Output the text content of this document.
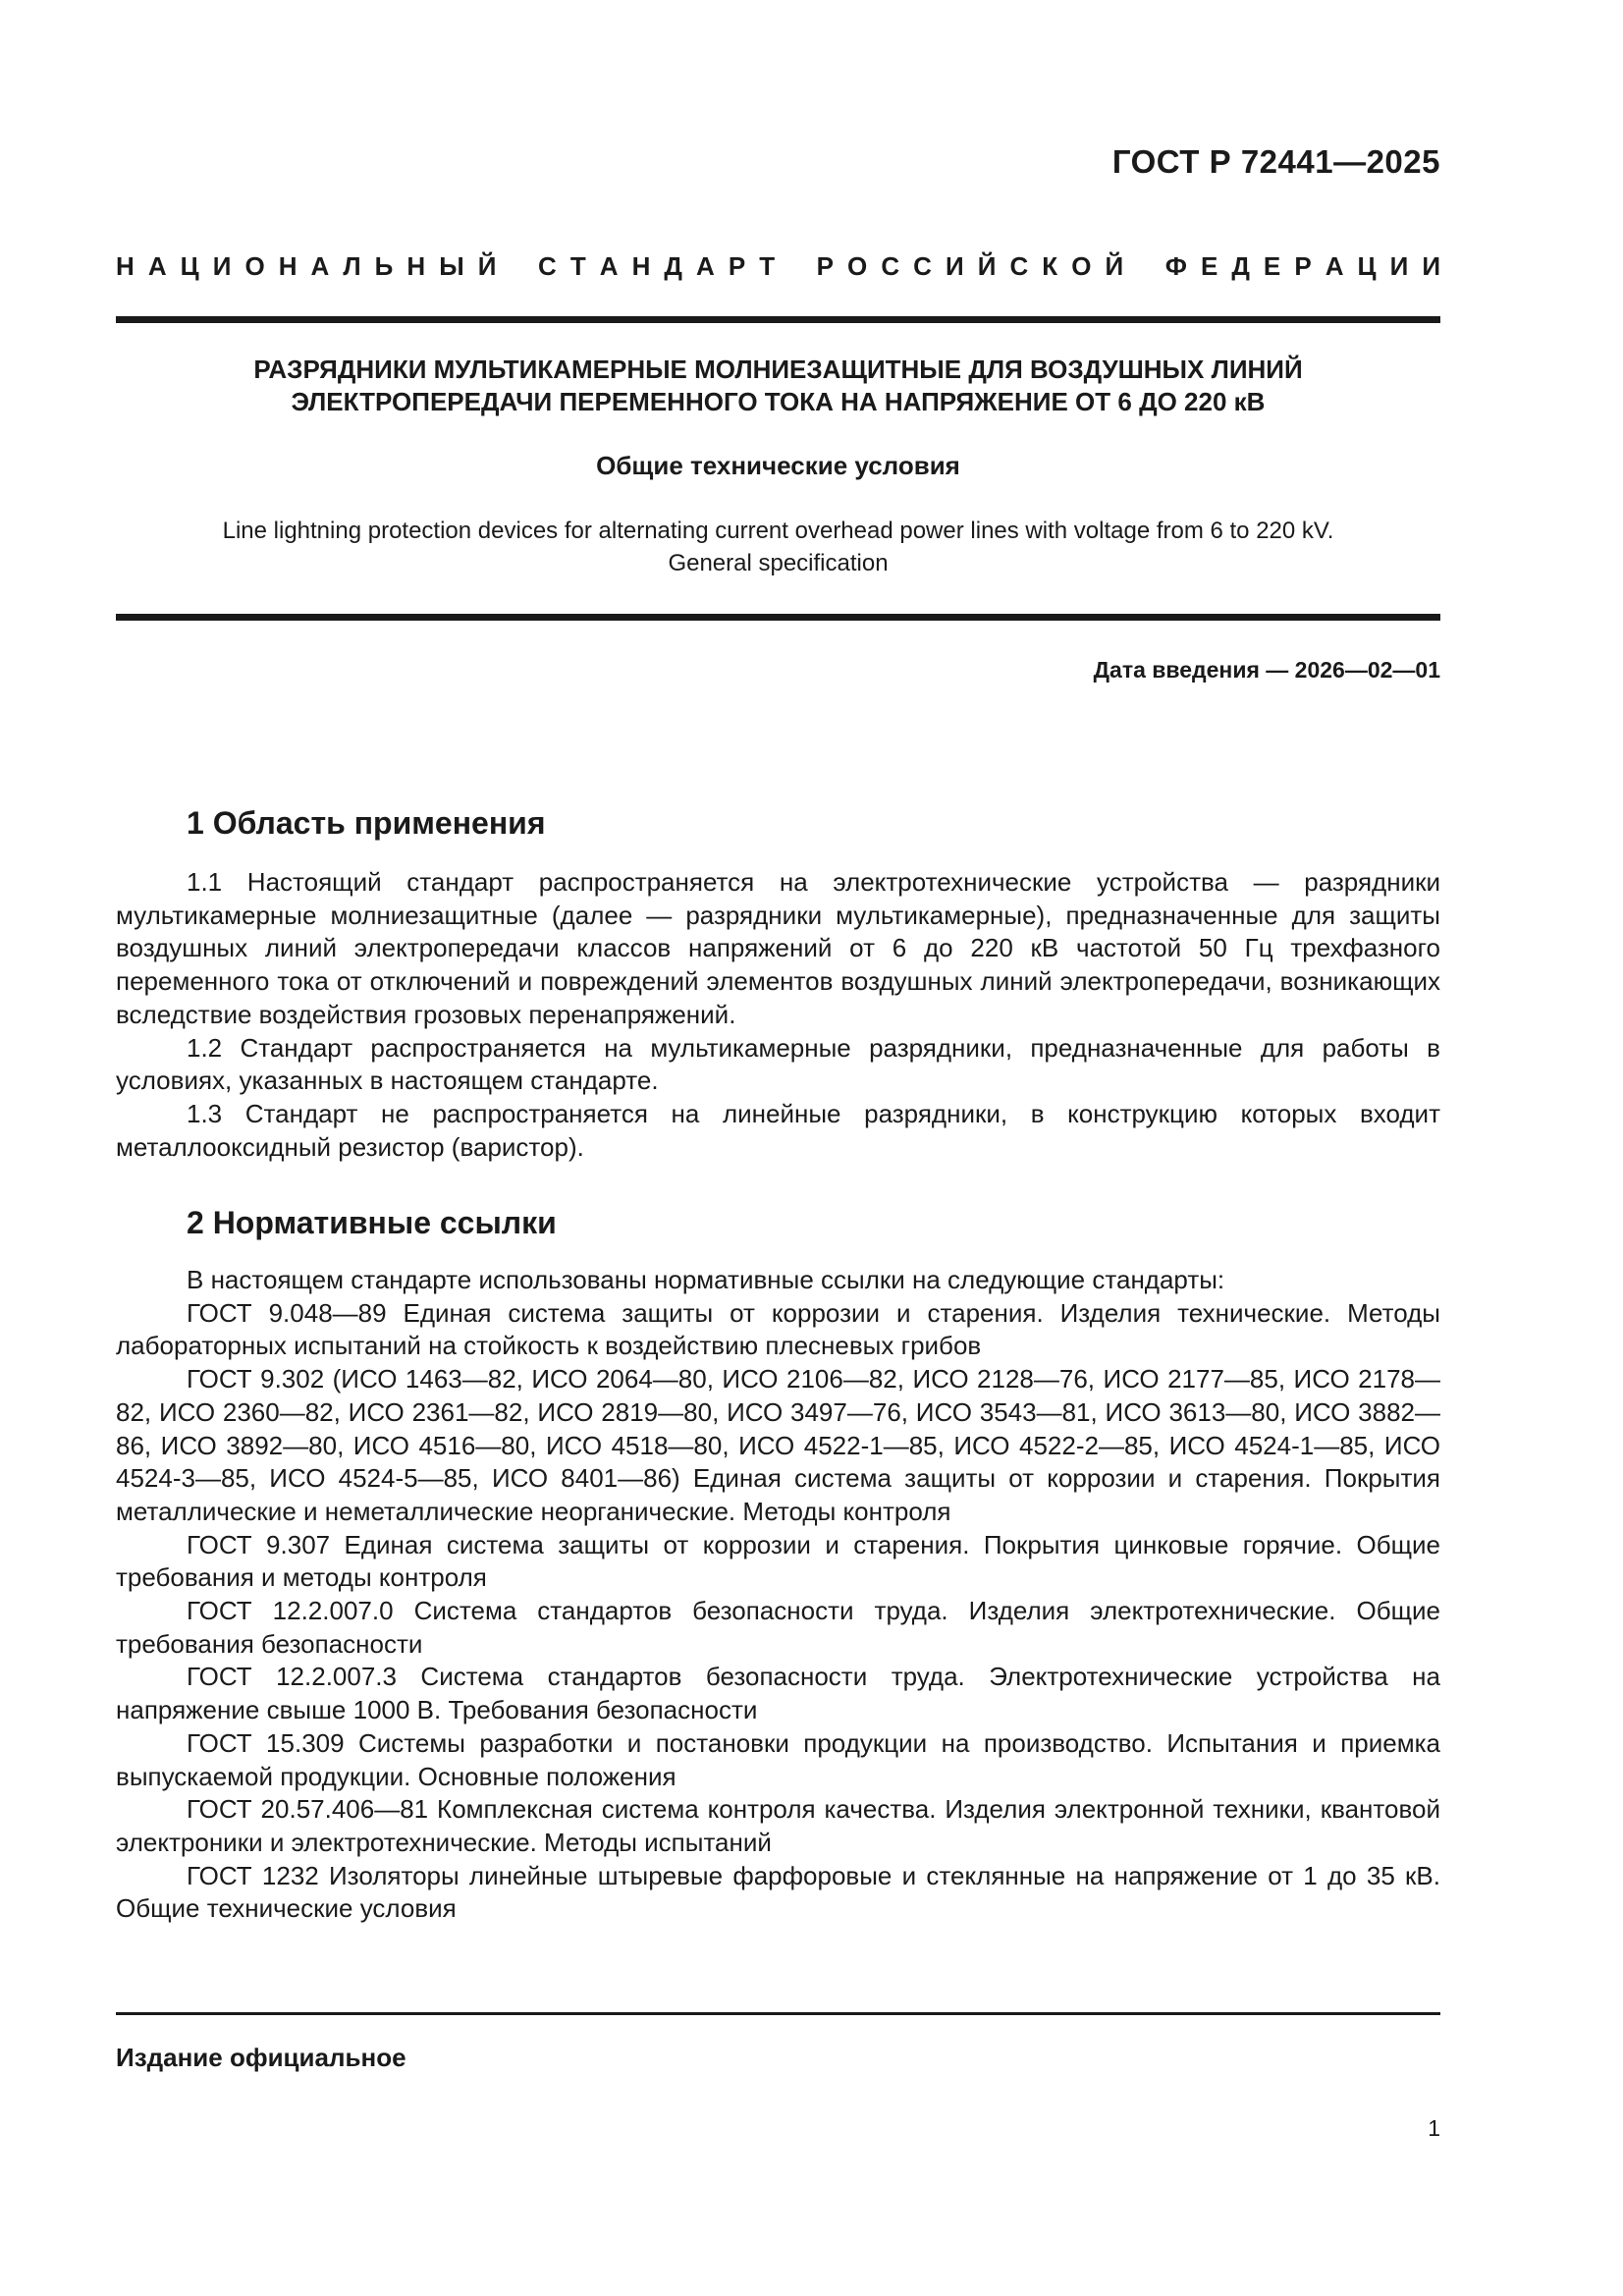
ГОСТ Р 72441—2025
Н А Ц И О Н А Л Ь Н Ы Й
С Т А Н Д А Р Т
Р О С С И Й С К О Й
Ф Е Д Е Р А Ц И И
РАЗРЯДНИКИ МУЛЬТИКАМЕРНЫЕ МОЛНИЕЗАЩИТНЫЕ ДЛЯ ВОЗДУШНЫХ ЛИНИЙ
ЭЛЕКТРОПЕРЕДАЧИ ПЕРЕМЕННОГО ТОКА НА НАПРЯЖЕНИЕ ОТ 6 ДО 220 кВ
Общие технические условия
Line lightning protection devices for alternating current overhead power lines with voltage from 6 to 220 kV.
General specification
Дата введения — 2026—02—01
1 Область применения

1.1 Настоящий стандарт распространяется на электротехнические устройства — разрядники мультикамерные молниезащитные (далее — разрядники мультикамерные), предназначенные для защиты воздушных линий электропередачи классов напряжений от 6 до 220 кВ частотой 50 Гц трехфазного переменного тока от отключений и повреждений элементов воздушных линий электропередачи, возникающих вследствие воздействия грозовых перенапряжений.

1.2 Стандарт распространяется на мультикамерные разрядники, предназначенные для работы в условиях, указанных в настоящем стандарте.

1.3 Стандарт не распространяется на линейные разрядники, в конструкцию которых входит металлооксидный резистор (варистор).

2 Нормативные ссылки

В настоящем стандарте использованы нормативные ссылки на следующие стандарты:

ГОСТ 9.048—89 Единая система защиты от коррозии и старения. Изделия технические. Методы лабораторных испытаний на стойкость к воздействию плесневых грибов

ГОСТ 9.302 (ИСО 1463—82, ИСО 2064—80, ИСО 2106—82, ИСО 2128—76, ИСО 2177—85, ИСО 2178—82, ИСО 2360—82, ИСО 2361—82, ИСО 2819—80, ИСО 3497—76, ИСО 3543—81, ИСО 3613—80, ИСО 3882—86, ИСО 3892—80, ИСО 4516—80, ИСО 4518—80, ИСО 4522-1—85, ИСО 4522-2—85, ИСО 4524-1—85, ИСО 4524-3—85, ИСО 4524-5—85, ИСО 8401—86) Единая система защиты от коррозии и старения. Покрытия металлические и неметаллические неорганические. Методы контроля

ГОСТ 9.307 Единая система защиты от коррозии и старения. Покрытия цинковые горячие. Общие требования и методы контроля

ГОСТ 12.2.007.0 Система стандартов безопасности труда. Изделия электротехнические. Общие требования безопасности

ГОСТ 12.2.007.3 Система стандартов безопасности труда. Электротехнические устройства на напряжение свыше 1000 В. Требования безопасности

ГОСТ 15.309 Системы разработки и постановки продукции на производство. Испытания и приемка выпускаемой продукции. Основные положения

ГОСТ 20.57.406—81 Комплексная система контроля качества. Изделия электронной техники, квантовой электроники и электротехнические. Методы испытаний

ГОСТ 1232 Изоляторы линейные штыревые фарфоровые и стеклянные на напряжение от 1 до 35 кВ. Общие технические условия

Издание официальное
1
